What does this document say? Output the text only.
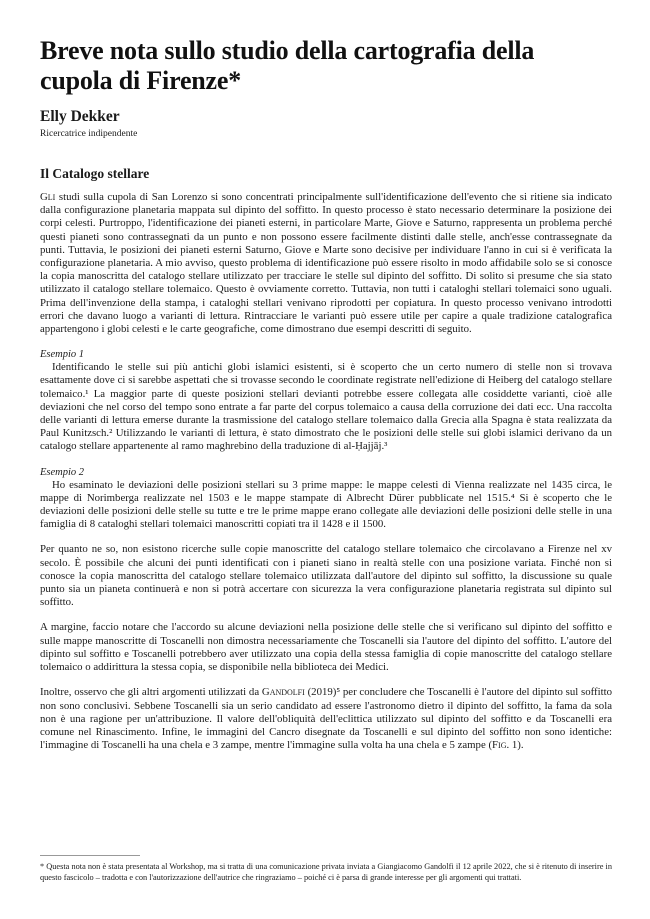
Breve nota sullo studio della cartografia della cupola di Firenze*
Elly Dekker
Ricercatrice indipendente
Il Catalogo stellare

Gli studi sulla cupola di San Lorenzo si sono concentrati principalmente sull'identificazione dell'evento che si ritiene sia indicato dalla configurazione planetaria mappata sul dipinto del soffitto. In questo processo è stato necessario determinare la posizione dei corpi celesti. Purtroppo, l'identificazione dei pianeti esterni, in particolare Marte, Giove e Saturno, rappresenta un problema perché questi pianeti sono contrassegnati da un punto e non possono essere facilmente distinti dalle stelle, anch'esse contrassegnate da punti. Tuttavia, le posizioni dei pianeti esterni Saturno, Giove e Marte sono decisive per individuare l'anno in cui si è verificata la configurazione planetaria. A mio avviso, questo problema di identificazione può essere risolto in modo affidabile solo se si conosce la copia manoscritta del catalogo stellare utilizzato per tracciare le stelle sul dipinto del soffitto. Di solito si presume che sia stato utilizzato il catalogo stellare tolemaico. Questo è ovviamente corretto. Tuttavia, non tutti i cataloghi stellari tolemaici sono uguali. Prima dell'invenzione della stampa, i cataloghi stellari venivano riprodotti per copiatura. In questo processo venivano introdotti errori che davano luogo a varianti di lettura. Rintracciare le varianti può essere utile per capire a quale tradizione catalografica appartengono i globi celesti e le carte geografiche, come dimostrano due esempi descritti di seguito.

Esempio 1

Identificando le stelle sui più antichi globi islamici esistenti, si è scoperto che un certo numero di stelle non si trovava esattamente dove ci si sarebbe aspettati che si trovasse secondo le coordinate registrate nell'edizione di Heiberg del catalogo stellare tolemaico.¹ La maggior parte di queste posizioni stellari devianti potrebbe essere collegata alle cosiddette varianti, cioè alle deviazioni che nel corso del tempo sono entrate a far parte del corpus tolemaico a causa della corruzione dei dati ecc. Una raccolta delle varianti di lettura emerse durante la trasmissione del catalogo stellare tolemaico dalla Grecia alla Spagna è stata realizzata da Paul Kunitzsch.² Utilizzando le varianti di lettura, è stato dimostrato che le posizioni delle stelle sui globi islamici derivano da un catalogo stellare appartenente al ramo maghrebino della traduzione di al-Ḥajjāj.³

Esempio 2

Ho esaminato le deviazioni delle posizioni stellari su 3 prime mappe: le mappe celesti di Vienna realizzate nel 1435 circa, le mappe di Norimberga realizzate nel 1503 e le mappe stampate di Albrecht Dürer pubblicate nel 1515.⁴ Si è scoperto che le deviazioni delle posizioni delle stelle su tutte e tre le prime mappe erano collegate alle deviazioni delle posizioni delle stelle in una famiglia di 8 cataloghi stellari tolemaici manoscritti copiati tra il 1428 e il 1500.

Per quanto ne so, non esistono ricerche sulle copie manoscritte del catalogo stellare tolemaico che circolavano a Firenze nel xv secolo. È possibile che alcuni dei punti identificati con i pianeti siano in realtà stelle con una posizione variata. Finché non si conosce la copia manoscritta del catalogo stellare tolemaico utilizzata dall'autore del dipinto sul soffitto, la discussione su quale punto sia un pianeta continuerà e non si potrà accertare con sicurezza la vera configurazione planetaria registrata sul dipinto sul soffitto.

A margine, faccio notare che l'accordo su alcune deviazioni nella posizione delle stelle che si verificano sul dipinto del soffitto e sulle mappe manoscritte di Toscanelli non dimostra necessariamente che Toscanelli sia l'autore del dipinto del soffitto. L'autore del dipinto sul soffitto e Toscanelli potrebbero aver utilizzato una copia della stessa famiglia di copie manoscritte del catalogo stellare tolemaico o addirittura la stessa copia, se disponibile nella biblioteca dei Medici.

Inoltre, osservo che gli altri argomenti utilizzati da Gandolfi (2019)⁵ per concludere che Toscanelli è l'autore del dipinto sul soffitto non sono conclusivi. Sebbene Toscanelli sia un serio candidato ad essere l'astronomo dietro il dipinto del soffitto, la fama da sola non è una ragione per un'attribuzione. Il valore dell'obliquità dell'eclittica utilizzato sul dipinto del soffitto e da Toscanelli era comune nel Rinascimento. Infine, le immagini del Cancro disegnate da Toscanelli e sul dipinto del soffitto non sono identiche: l'immagine di Toscanelli ha una chela e 3 zampe, mentre l'immagine sulla volta ha una chela e 5 zampe (Fig. 1).

* Questa nota non è stata presentata al Workshop, ma si tratta di una comunicazione privata inviata a Giangiacomo Gandolfi il 12 aprile 2022, che si è ritenuto di inserire in questo fascicolo – tradotta e con l'autorizzazione dell'autrice che ringraziamo – poiché ci è parsa di grande interesse per gli argomenti qui trattati.
